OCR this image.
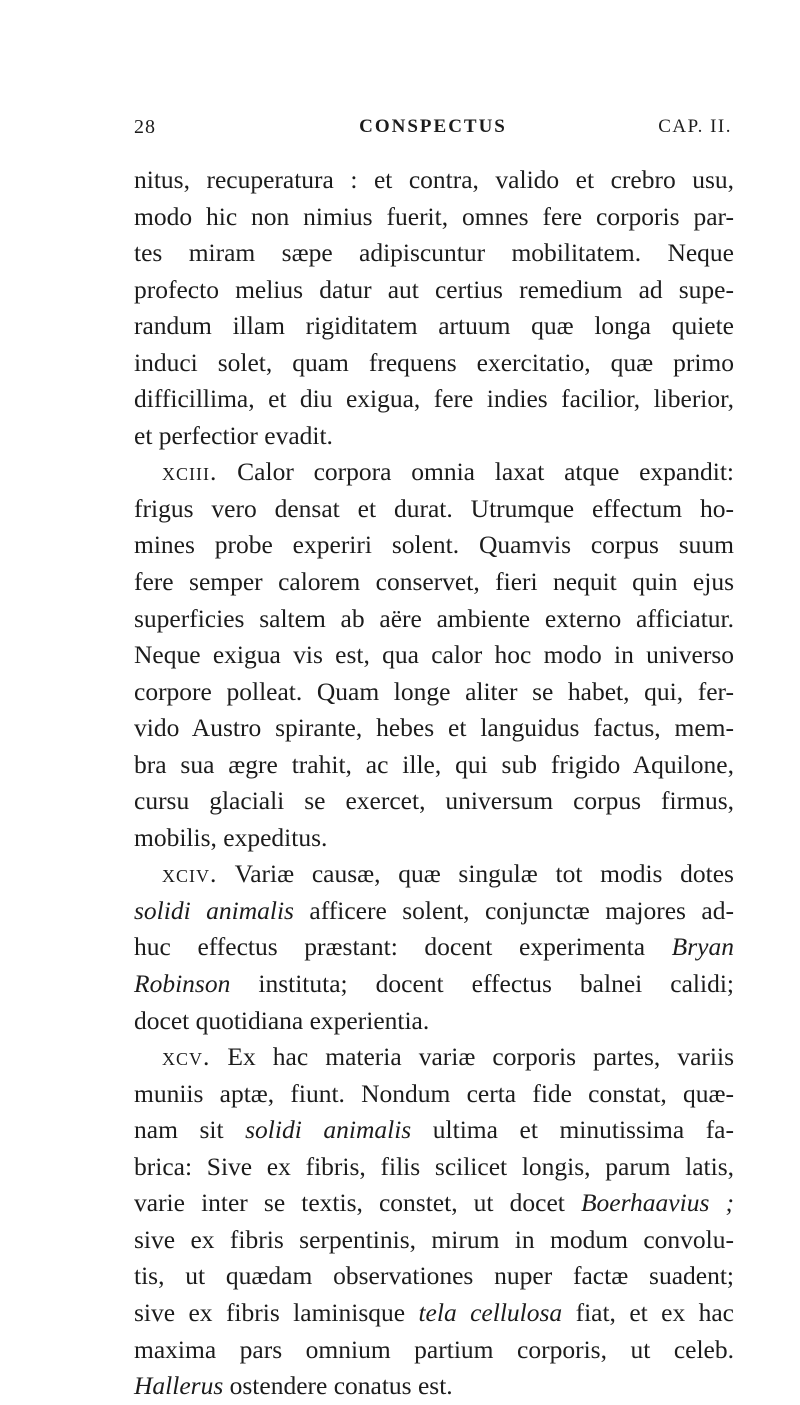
28	CONSPECTUS	CAP. II.
nitus, recuperatura : et contra, valido et crebro usu,
modo hic non nimius fuerit, omnes fere corporis par-
tes miram sæpe adipiscuntur mobilitatem. Neque
profecto melius datur aut certius remedium ad supe-
randum illam rigiditatem artuum quæ longa quiete
induci solet, quam frequens exercitatio, quæ primo
difficillima, et diu exigua, fere indies facilior, liberior,
et perfectior evadit.
xciii. Calor corpora omnia laxat atque expandit:
frigus vero densat et durat. Utrumque effectum ho-
mines probe experiri solent. Quamvis corpus suum
fere semper calorem conservet, fieri nequit quin ejus
superficies saltem ab aëre ambiente externo afficiatur.
Neque exigua vis est, qua calor hoc modo in universo
corpore polleat. Quam longe aliter se habet, qui, fer-
vido Austro spirante, hebes et languidus factus, mem-
bra sua ægre trahit, ac ille, qui sub frigido Aquilone,
cursu glaciali se exercet, universum corpus firmus,
mobilis, expeditus.
xciv. Variæ causæ, quæ singulæ tot modis dotes
solidi animalis afficere solent, conjunctæ majores ad-
huc effectus præstant: docent experimenta Bryan
Robinson instituta; docent effectus balnei calidi;
docet quotidiana experientia.
xcv. Ex hac materia variæ corporis partes, variis
muniis aptæ, fiunt. Nondum certa fide constat, quæ-
nam sit solidi animalis ultima et minutissima fa-
brica: Sive ex fibris, filis scilicet longis, parum latis,
varie inter se textis, constet, ut docet Boerhaavius ;
sive ex fibris serpentinis, mirum in modum convolu-
tis, ut quædam observationes nuper factæ suadent;
sive ex fibris laminisque tela cellulosa fiat, et ex hac
maxima pars omnium partium corporis, ut celeb.
Hallerus ostendere conatus est.
